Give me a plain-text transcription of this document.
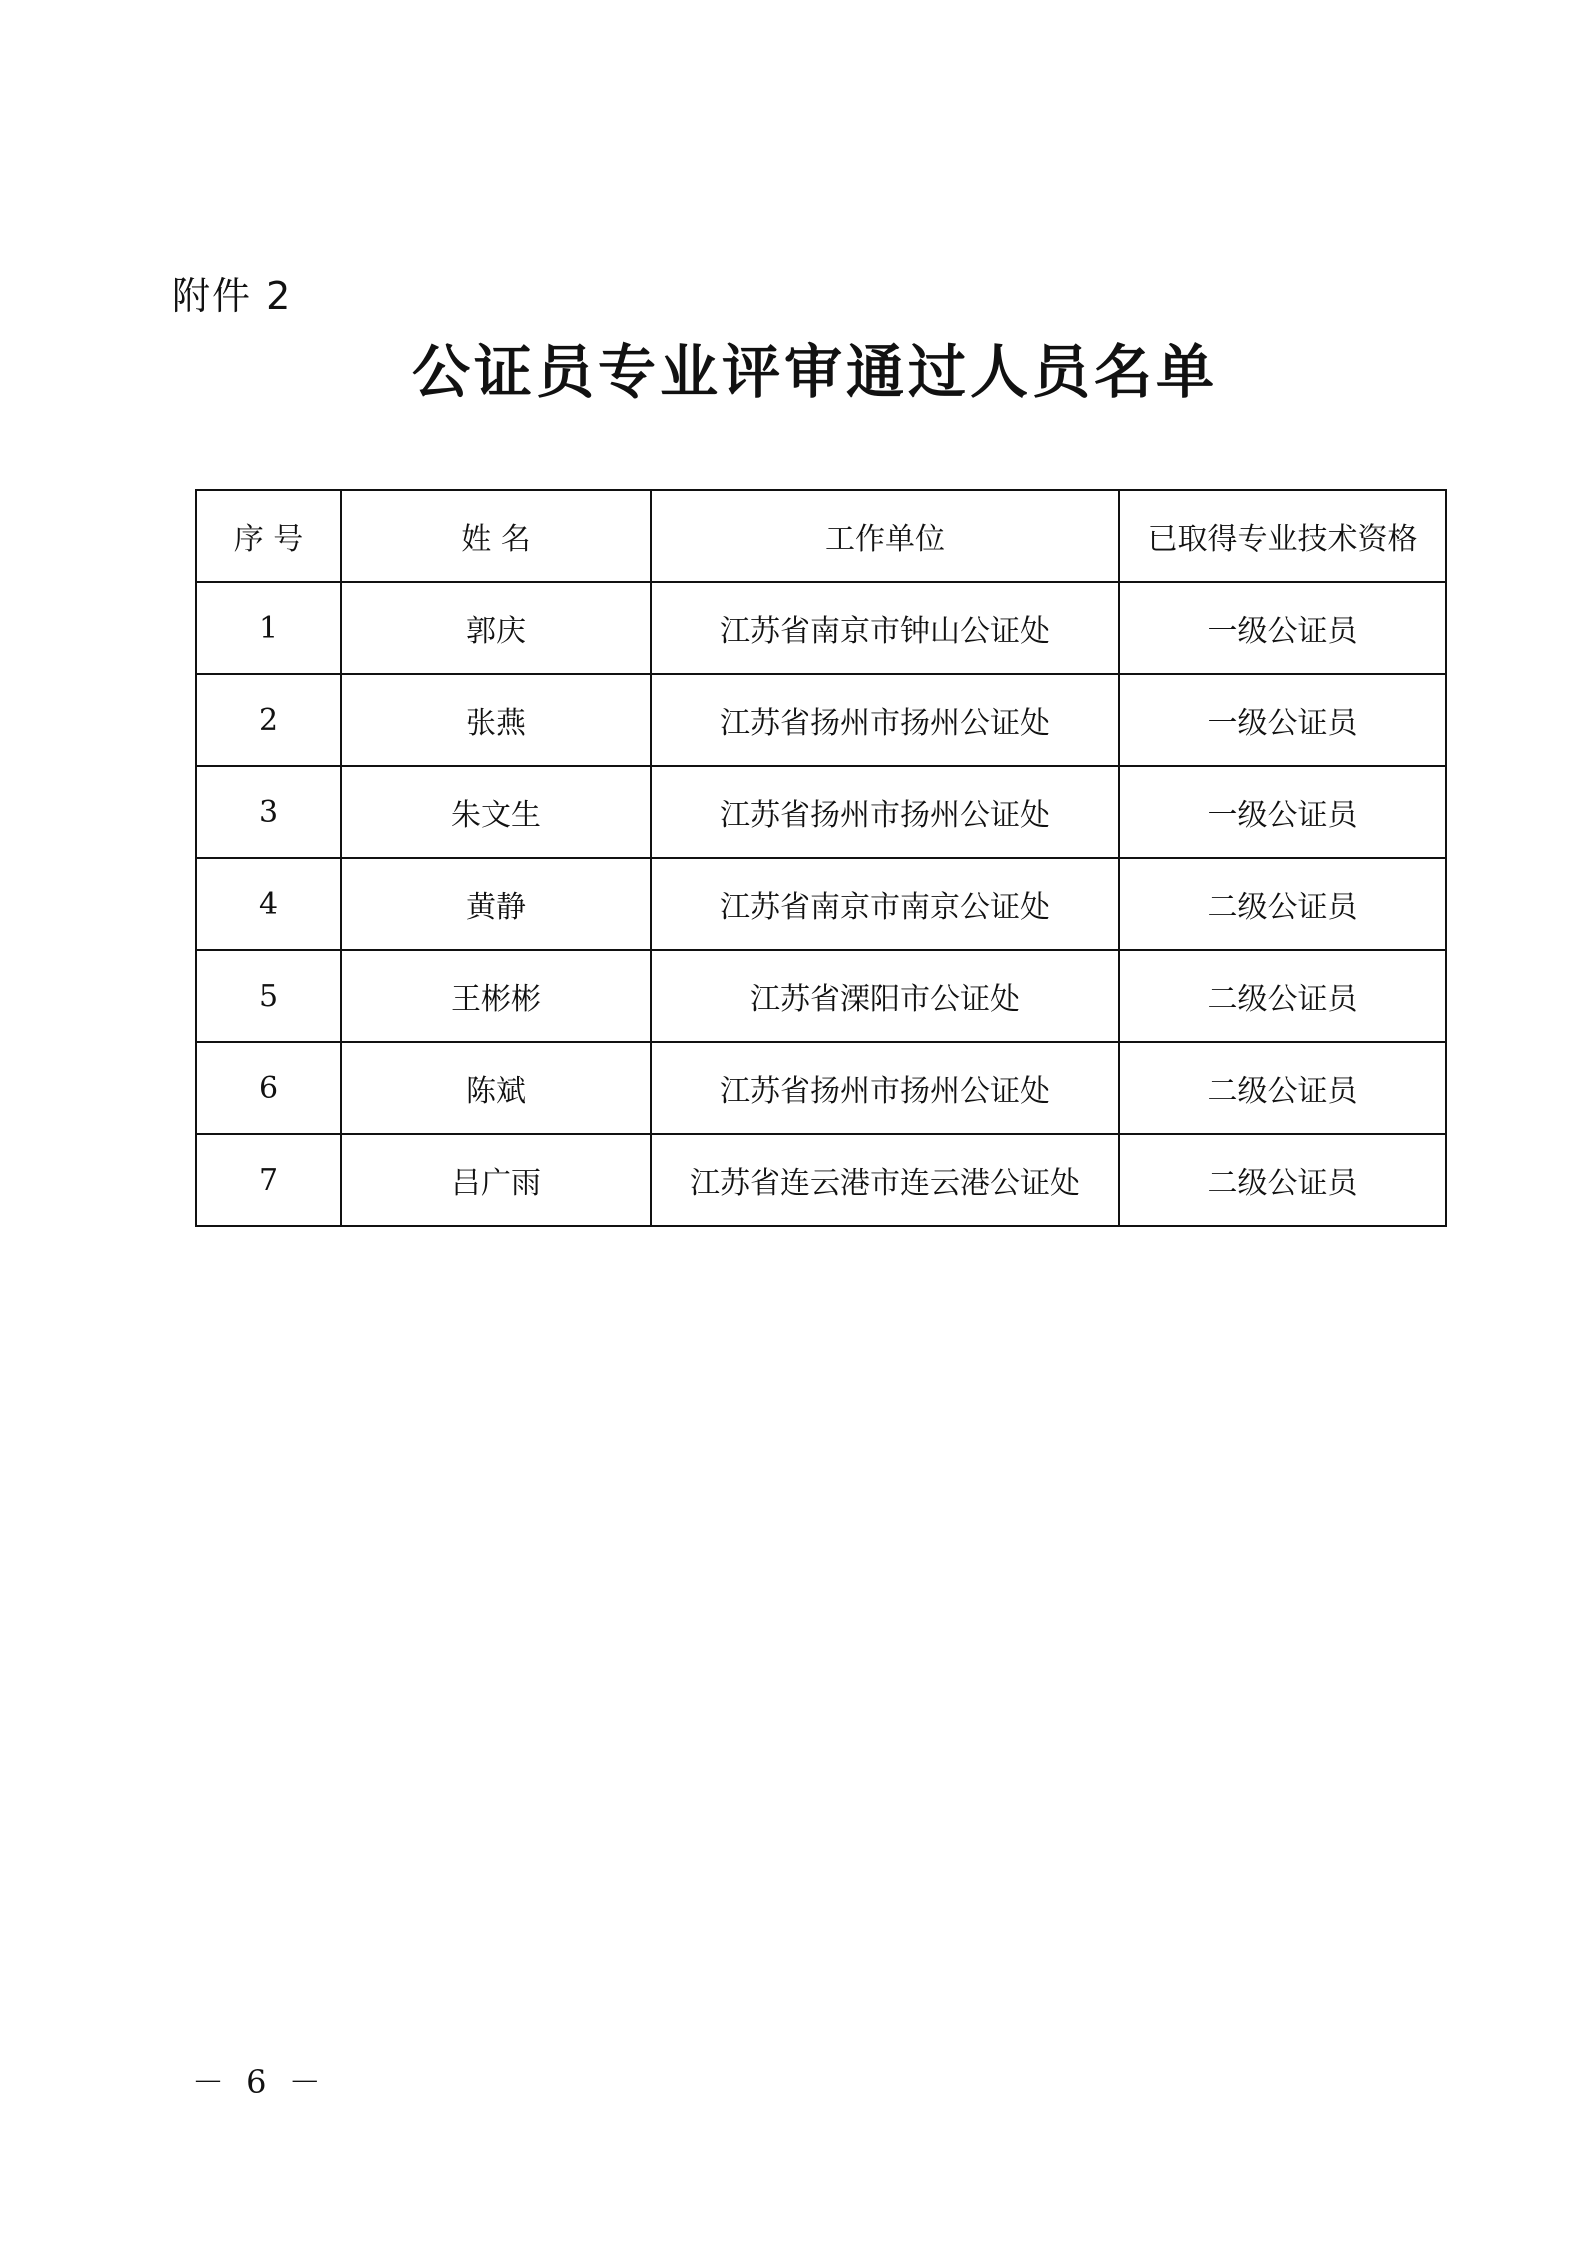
附件 2
公证员专业评审通过人员名单
序 号	姓 名	工作单位	已取得专业技术资格
1	郭庆	江苏省南京市钟山公证处	一级公证员
2	张燕	江苏省扬州市扬州公证处	一级公证员
3	朱文生	江苏省扬州市扬州公证处	一级公证员
4	黄静	江苏省南京市南京公证处	二级公证员
5	王彬彬	江苏省溧阳市公证处	二级公证员
6	陈斌	江苏省扬州市扬州公证处	二级公证员
7	吕广雨	江苏省连云港市连云港公证处	二级公证员
－ 6 －
